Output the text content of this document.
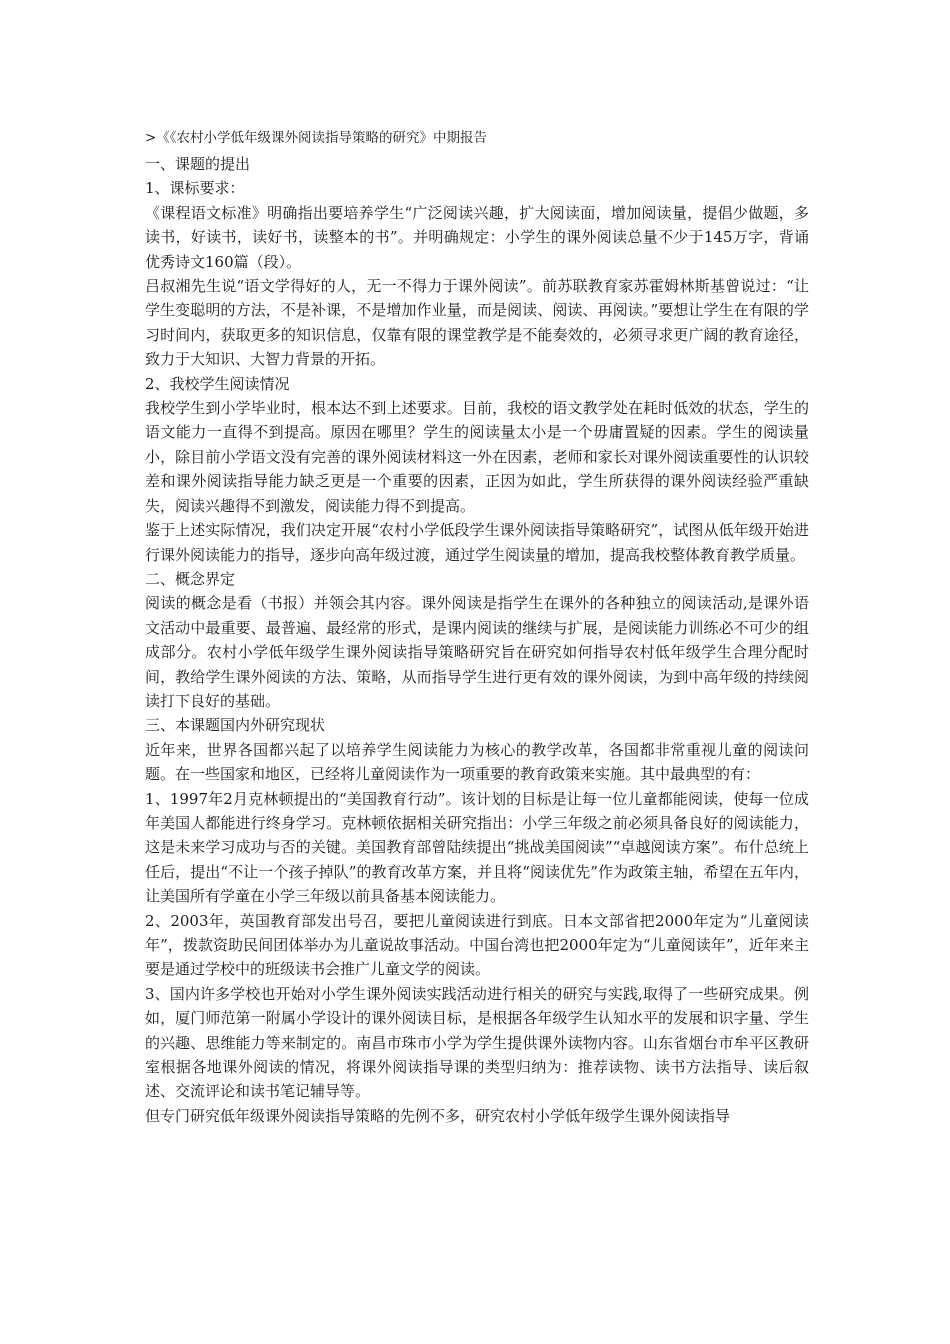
>《《农村小学低年级课外阅读指导策略的研究》中期报告
一、课题的提出
1、课标要求：

《课程语文标准》明确指出要培养学生“广泛阅读兴趣，扩大阅读面，增加阅读量，提倡少做题，多读书，好读书，读好书，读整本的书”。并明确规定：小学生的课外阅读总量不少于145万字，背诵优秀诗文160篇（段）。

吕叔湘先生说“语文学得好的人，无一不得力于课外阅读”。前苏联教育家苏霍姆林斯基曾说过：“让学生变聪明的方法，不是补课，不是增加作业量，而是阅读、阅读、再阅读。”要想让学生在有限的学习时间内，获取更多的知识信息，仅靠有限的课堂教学是不能奏效的，必须寻求更广阔的教育途径，致力于大知识、大智力背景的开拓。

2、我校学生阅读情况

我校学生到小学毕业时，根本达不到上述要求。目前，我校的语文教学处在耗时低效的状态，学生的语文能力一直得不到提高。原因在哪里？学生的阅读量太小是一个毋庸置疑的因素。学生的阅读量小，除目前小学语文没有完善的课外阅读材料这一外在因素，老师和家长对课外阅读重要性的认识较差和课外阅读指导能力缺乏更是一个重要的因素，正因为如此，学生所获得的课外阅读经验严重缺失，阅读兴趣得不到激发，阅读能力得不到提高。

鉴于上述实际情况，我们决定开展“农村小学低段学生课外阅读指导策略研究”，试图从低年级开始进行课外阅读能力的指导，逐步向高年级过渡，通过学生阅读量的增加，提高我校整体教育教学质量。

二、概念界定

阅读的概念是看（书报）并领会其内容。课外阅读是指学生在课外的各种独立的阅读活动,是课外语文活动中最重要、最普遍、最经常的形式，是课内阅读的继续与扩展，是阅读能力训练必不可少的组成部分。农村小学低年级学生课外阅读指导策略研究旨在研究如何指导农村低年级学生合理分配时间，教给学生课外阅读的方法、策略，从而指导学生进行更有效的课外阅读，为到中高年级的持续阅读打下良好的基础。

三、本课题国内外研究现状

近年来，世界各国都兴起了以培养学生阅读能力为核心的教学改革，各国都非常重视儿童的阅读问题。在一些国家和地区，已经将儿童阅读作为一项重要的教育政策来实施。其中最典型的有：

1、1997年2月克林顿提出的“美国教育行动”。该计划的目标是让每一位儿童都能阅读，使每一位成年美国人都能进行终身学习。克林顿依据相关研究指出：小学三年级之前必须具备良好的阅读能力，这是未来学习成功与否的关键。美国教育部曾陆续提出“挑战美国阅读”“卓越阅读方案”。布什总统上任后，提出“不让一个孩子掉队”的教育改革方案，并且将“阅读优先”作为政策主轴，希望在五年内，让美国所有学童在小学三年级以前具备基本阅读能力。

2、2003年，英国教育部发出号召，要把儿童阅读进行到底。日本文部省把2000年定为“儿童阅读年”，拨款资助民间团体举办为儿童说故事活动。中国台湾也把2000年定为“儿童阅读年”，近年来主要是通过学校中的班级读书会推广儿童文学的阅读。

3、国内许多学校也开始对小学生课外阅读实践活动进行相关的研究与实践,取得了一些研究成果。例如，厦门师范第一附属小学设计的课外阅读目标，是根据各年级学生认知水平的发展和识字量、学生的兴趣、思维能力等来制定的。南昌市珠市小学为学生提供课外读物内容。山东省烟台市牟平区教研室根据各地课外阅读的情况，将课外阅读指导课的类型归纳为：推荐读物、读书方法指导、读后叙述、交流评论和读书笔记辅导等。

但专门研究低年级课外阅读指导策略的先例不多，研究农村小学低年级学生课外阅读指导
